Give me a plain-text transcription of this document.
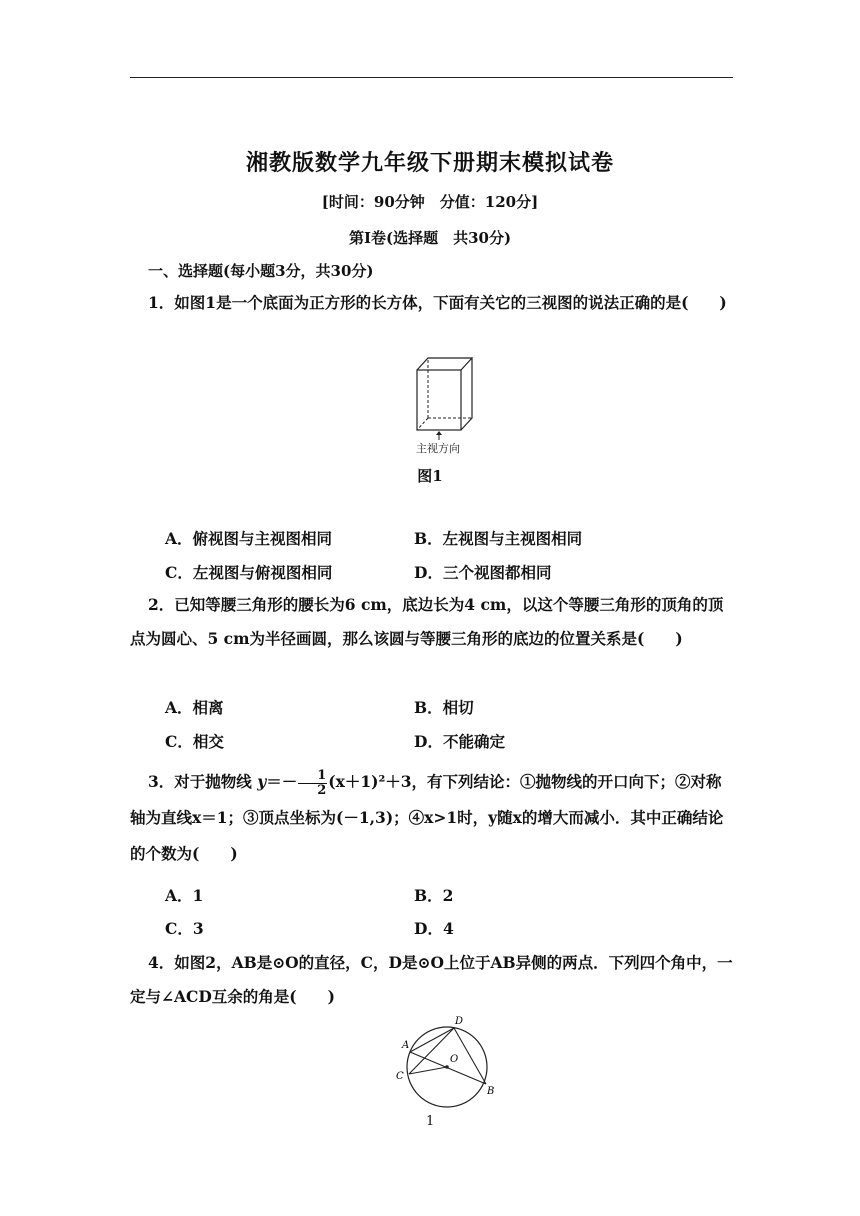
湘教版数学九年级下册期末模拟试卷
[时间：90分钟　分值：120分]
第Ⅰ卷(选择题　共30分)
一、选择题(每小题3分，共30分)
1．如图1是一个底面为正方形的长方体，下面有关它的三视图的说法正确的是(　　)
主视方向
图1
A．俯视图与主视图相同	B．左视图与主视图相同
C．左视图与俯视图相同	D．三个视图都相同
2．已知等腰三角形的腰长为6 cm，底边长为4 cm，以这个等腰三角形的顶角的顶点为圆心、5 cm为半径画圆，那么该圆与等腰三角形的底边的位置关系是(　　)
A．相离	B．相切
C．相交	D．不能确定
3．对于抛物线 $y=- \frac{1}{2} (x+1)^2+3$，有下列结论：①抛物线的开口向下；②对称轴为直线x＝1；③顶点坐标为(－1,3)；④x>1时，y随x的增大而减小．其中正确结论的个数为(　　)
A．1	B．2
C．3	D．4
4．如图2，AB是⊙O的直径，C，D是⊙O上位于AB异侧的两点．下列四个角中，一定与∠ACD互余的角是(　　)
A
B
C
D
O
1
